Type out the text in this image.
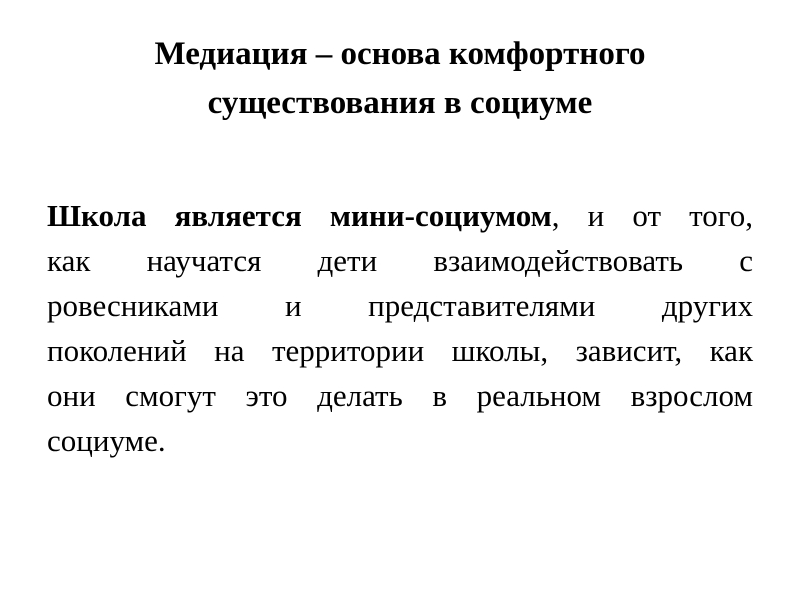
Медиация – основа комфортного
существования в социуме
Школа является мини-социумом, и от того,
как научатся дети взаимодействовать с
ровесниками и представителями других
поколений на территории школы, зависит, как
они смогут это делать в реальном взрослом
социуме.
